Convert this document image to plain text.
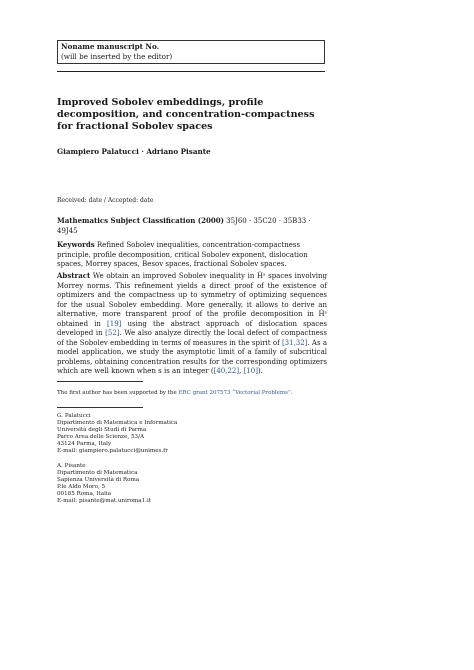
Noname manuscript No.
(will be inserted by the editor)
Improved Sobolev embeddings, profile decomposition, and concentration-compactness for fractional Sobolev spaces
Giampiero Palatucci · Adriano Pisante
Received: date / Accepted: date
Mathematics Subject Classification (2000) 35J60 · 35C20 · 35B33 · 49J45
Keywords Refined Sobolev inequalities, concentration-compactness principle, profile decomposition, critical Sobolev exponent, dislocation spaces, Morrey spaces, Besov spaces, fractional Sobolev spaces.
Abstract We obtain an improved Sobolev inequality in Ḣˢ spaces involving Morrey norms. This refinement yields a direct proof of the existence of optimizers and the compactness up to symmetry of optimizing sequences for the usual Sobolev embedding. More generally, it allows to derive an alternative, more transparent proof of the profile decomposition in Ḣˢ obtained in [19] using the abstract approach of dislocation spaces developed in [52]. We also analyze directly the local defect of compactness of the Sobolev embedding in terms of measures in the spirit of [31,32]. As a model application, we study the asymptotic limit of a family of subcritical problems, obtaining concentration results for the corresponding optimizers which are well known when s is an integer ([40,22], [10]).
The first author has been supported by the ERC grant 207573 “Vectorial Problems”.
G. Palatucci
Dipartimento di Matematica e Informatica
Università degli Studi di Parma
Parco Area delle Scienze, 53/A
43124 Parma, Italy
E-mail: giampiero.palatucci@unimes.fr
A. Pisante
Dipartimento di Matematica
Sapienza Università di Roma
P.le Aldo Moro, 5
00185 Roma, Italia
E-mail: pisante@mat.uniroma1.it
